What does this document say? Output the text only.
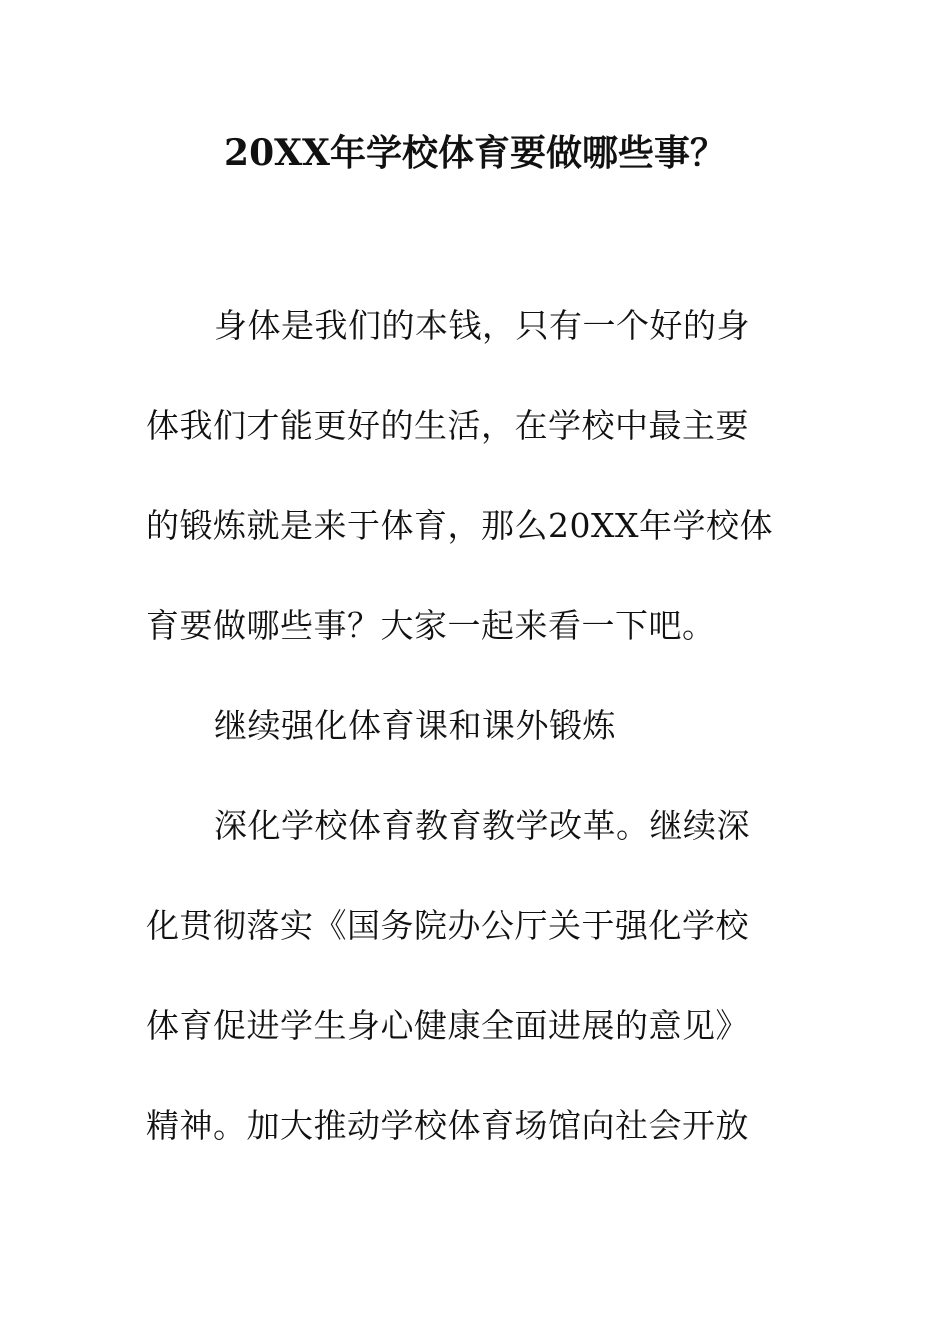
20XX年学校体育要做哪些事？
身体是我们的本钱，只有一个好的身
体我们才能更好的生活，在学校中最主要
的锻炼就是来于体育，那么20XX年学校体
育要做哪些事？大家一起来看一下吧。
继续强化体育课和课外锻炼
深化学校体育教育教学改革。继续深
化贯彻落实《国务院办公厅关于强化学校
体育促进学生身心健康全面进展的意见》
精神。加大推动学校体育场馆向社会开放
